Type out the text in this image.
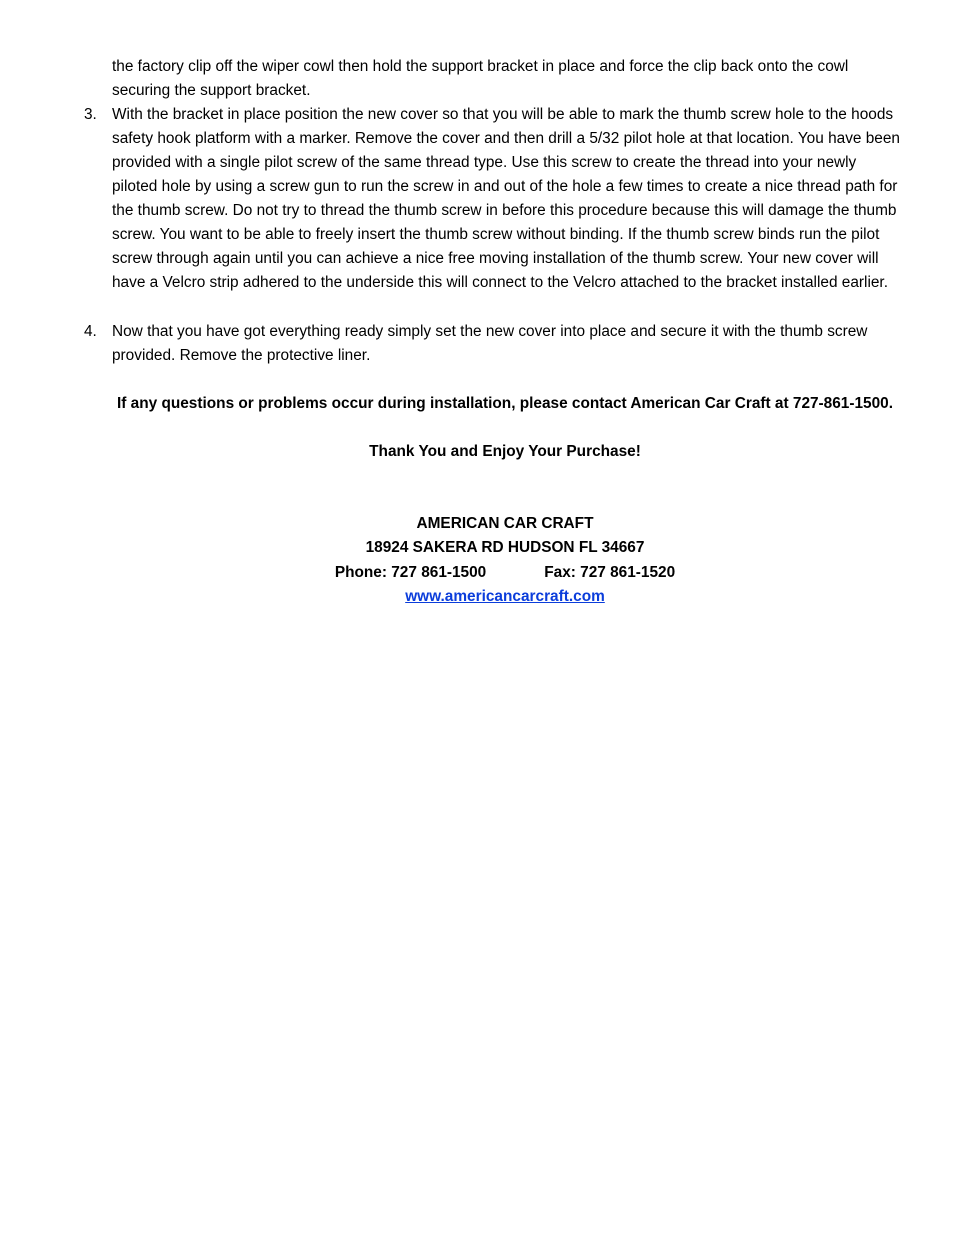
the factory clip off the wiper cowl then hold the support bracket in place and force the clip back onto the cowl securing the support bracket.

3. With the bracket in place position the new cover so that you will be able to mark the thumb screw hole to the hoods safety hook platform with a marker. Remove the cover and then drill a 5/32 pilot hole at that location. You have been provided with a single pilot screw of the same thread type. Use this screw to create the thread into your newly piloted hole by using a screw gun to run the screw in and out of the hole a few times to create a nice thread path for the thumb screw. Do not try to thread the thumb screw in before this procedure because this will damage the thumb screw. You want to be able to freely insert the thumb screw without binding. If the thumb screw binds run the pilot screw through again until you can achieve a nice free moving installation of the thumb screw. Your new cover will have a Velcro strip adhered to the underside this will connect to the Velcro attached to the bracket installed earlier.
4. Now that you have got everything ready simply set the new cover into place and secure it with the thumb screw provided. Remove the protective liner.
If any questions or problems occur during installation, please contact American Car Craft at 727-861-1500.
Thank You and Enjoy Your Purchase!
AMERICAN CAR CRAFT
18924 SAKERA RD HUDSON FL 34667
Phone: 727 861-1500	Fax: 727 861-1520
www.americancarcraft.com
